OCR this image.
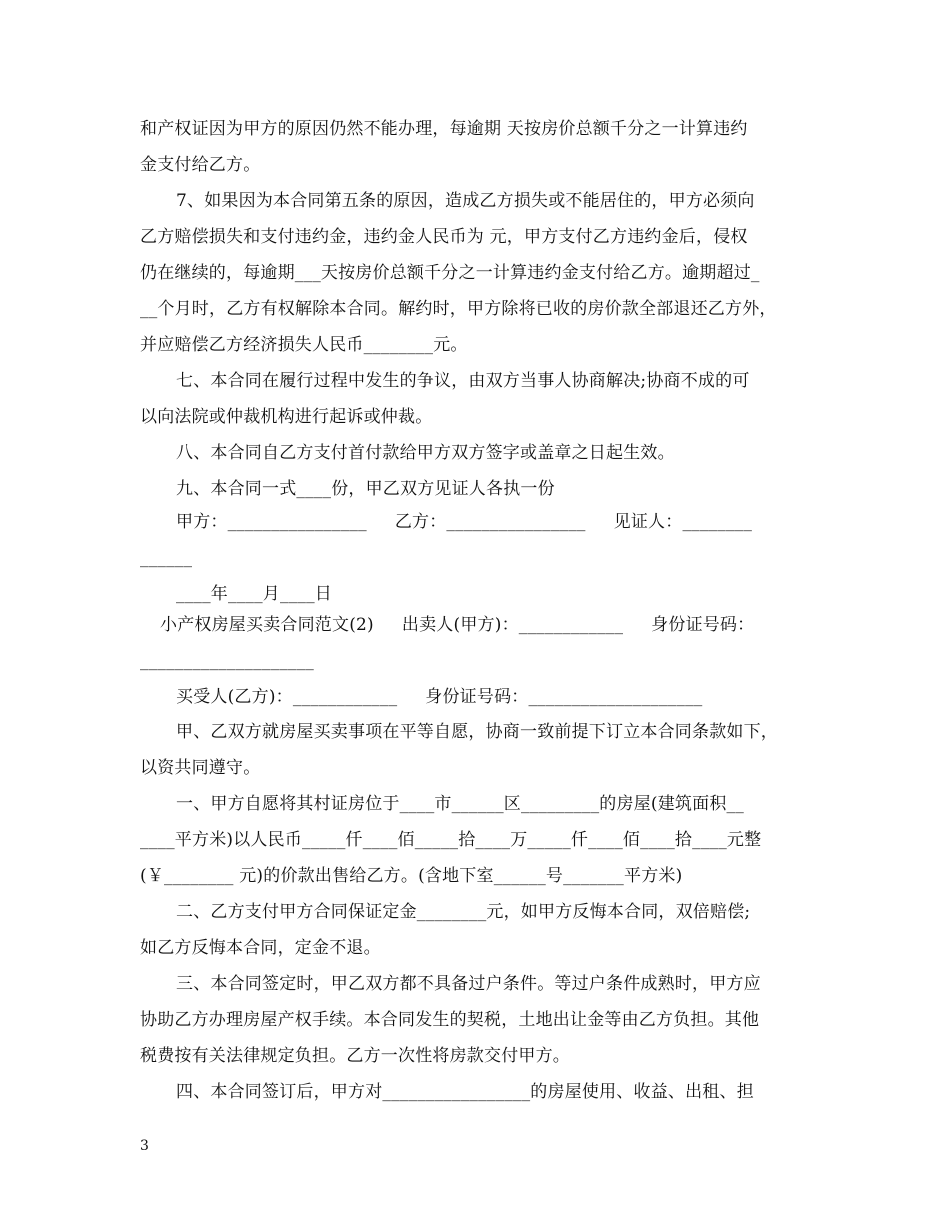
和产权证因为甲方的原因仍然不能办理，每逾期 天按房价总额千分之一计算违约
金支付给乙方。
7、如果因为本合同第五条的原因，造成乙方损失或不能居住的，甲方必须向
乙方赔偿损失和支付违约金，违约金人民币为 元，甲方支付乙方违约金后，侵权
仍在继续的，每逾期___天按房价总额千分之一计算违约金支付给乙方。逾期超过_
__个月时，乙方有权解除本合同。解约时，甲方除将已收的房价款全部退还乙方外，
并应赔偿乙方经济损失人民币________元。
七、本合同在履行过程中发生的争议，由双方当事人协商解决;协商不成的可
以向法院或仲裁机构进行起诉或仲裁。
八、本合同自乙方支付首付款给甲方双方签字或盖章之日起生效。
九、本合同一式____份，甲乙双方见证人各执一份
甲方：________________     乙方：________________     见证人：________
______
____年____月____日
小产权房屋买卖合同范文(2)     出卖人(甲方)：____________     身份证号码：
____________________
买受人(乙方)：____________     身份证号码：____________________
甲、乙双方就房屋买卖事项在平等自愿，协商一致前提下订立本合同条款如下，
以资共同遵守。
一、甲方自愿将其村证房位于____市______区_________的房屋(建筑面积__
____平方米)以人民币_____仟____佰_____拾____万_____仟____佰____拾____元整
(￥________ 元)的价款出售给乙方。(含地下室______号_______平方米)
二、乙方支付甲方合同保证定金________元，如甲方反悔本合同，双倍赔偿;
如乙方反悔本合同，定金不退。
三、本合同签定时，甲乙双方都不具备过户条件。等过户条件成熟时，甲方应
协助乙方办理房屋产权手续。本合同发生的契税，土地出让金等由乙方负担。其他
税费按有关法律规定负担。乙方一次性将房款交付甲方。
四、本合同签订后，甲方对_________________的房屋使用、收益、出租、担
3
